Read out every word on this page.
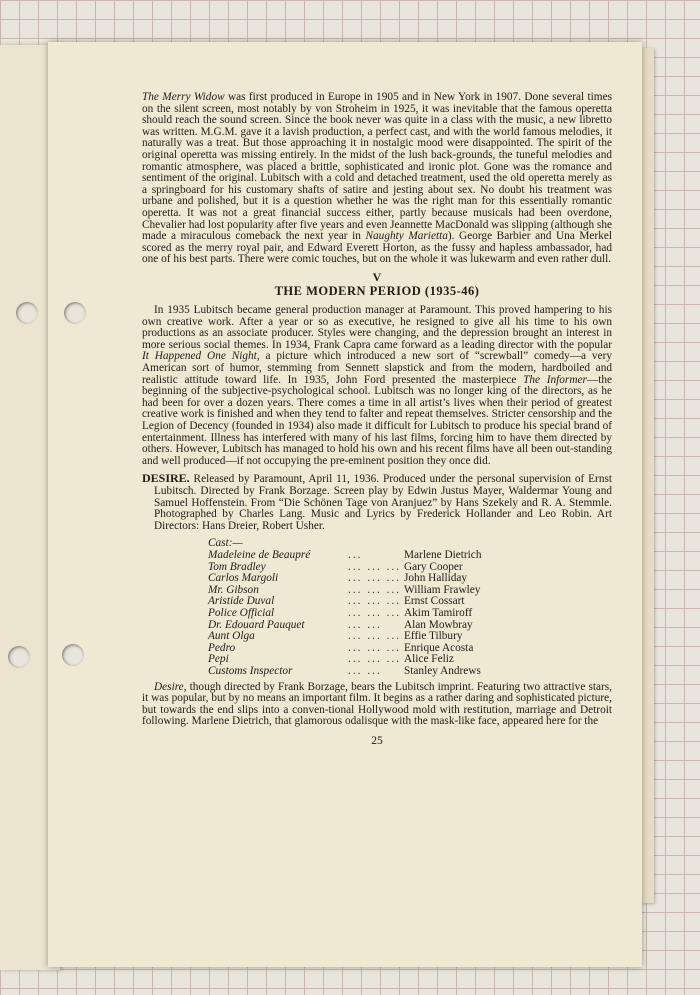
The Merry Widow was first produced in Europe in 1905 and in New York in 1907. Done several times on the silent screen, most notably by von Stroheim in 1925, it was inevitable that the famous operetta should reach the sound screen. Since the book never was quite in a class with the music, a new libretto was written. M.G.M. gave it a lavish production, a perfect cast, and with the world famous melodies, it naturally was a treat. But those approaching it in nostalgic mood were disappointed. The spirit of the original operetta was missing entirely. In the midst of the lush back-grounds, the tuneful melodies and romantic atmosphere, was placed a brittle, sophisticated and ironic plot. Gone was the romance and sentiment of the original. Lubitsch with a cold and detached treatment, used the old operetta merely as a springboard for his customary shafts of satire and jesting about sex. No doubt his treatment was urbane and polished, but it is a question whether he was the right man for this essentially romantic operetta. It was not a great financial success either, partly because musicals had been overdone, Chevalier had lost popularity after five years and even Jeannette MacDonald was slipping (although she made a miraculous comeback the next year in Naughty Marietta). George Barbier and Una Merkel scored as the merry royal pair, and Edward Everett Horton, as the fussy and hapless ambassador, had one of his best parts. There were comic touches, but on the whole it was lukewarm and even rather dull.

V
THE MODERN PERIOD (1935-46)

In 1935 Lubitsch became general production manager at Paramount. This proved hampering to his own creative work. After a year or so as executive, he resigned to give all his time to his own productions as an associate producer. Styles were changing, and the depression brought an interest in more serious social themes. In 1934, Frank Capra came forward as a leading director with the popular It Happened One Night, a picture which introduced a new sort of “screwball” comedy—a very American sort of humor, stemming from Sennett slapstick and from the modern, hardboiled and realistic attitude toward life. In 1935, John Ford presented the masterpiece The Informer—the beginning of the subjective-psychological school. Lubitsch was no longer king of the directors, as he had been for over a dozen years. There comes a time in all artist’s lives when their period of greatest creative work is finished and when they tend to falter and repeat themselves. Stricter censorship and the Legion of Decency (founded in 1934) also made it difficult for Lubitsch to produce his special brand of entertainment. Illness has interfered with many of his last films, forcing him to have them directed by others. However, Lubitsch has managed to hold his own and his recent films have all been out-standing and well produced—if not occupying the pre-eminent position they once did.

DESIRE. Released by Paramount, April 11, 1936. Produced under the personal supervision of Ernst Lubitsch. Directed by Frank Borzage. Screen play by Edwin Justus Mayer, Waldermar Young and Samuel Hoffenstein. From “Die Schönen Tage von Aranjuez” by Hans Szekely and R. A. Stemmle. Photographed by Charles Lang. Music and Lyrics by Frederick Hollander and Leo Robin. Art Directors: Hans Dreier, Robert Usher.

Cast:—
Madeleine de Beaupré	...	Marlene Dietrich
Tom Bradley	... ... ... Gary Cooper
Carlos Margoli	... ... ... John Halliday
Mr. Gibson	... ... ... William Frawley
Aristide Duval	... ... ... Ernst Cossart
Police Official	... ... ... Akim Tamiroff
Dr. Edouard Pauquet	... ...	Alan Mowbray
Aunt Olga	... ... ... Effie Tilbury
Pedro	... ... ... Enrique Acosta
Pepi	... ... ... Alice Feliz
Customs Inspector	... ...	Stanley Andrews

Desire, though directed by Frank Borzage, bears the Lubitsch imprint. Featuring two attractive stars, it was popular, but by no means an important film. It begins as a rather daring and sophisticated picture, but towards the end slips into a conven-tional Hollywood mold with restitution, marriage and Detroit following. Marlene Dietrich, that glamorous odalisque with the mask-like face, appeared here for the

25
